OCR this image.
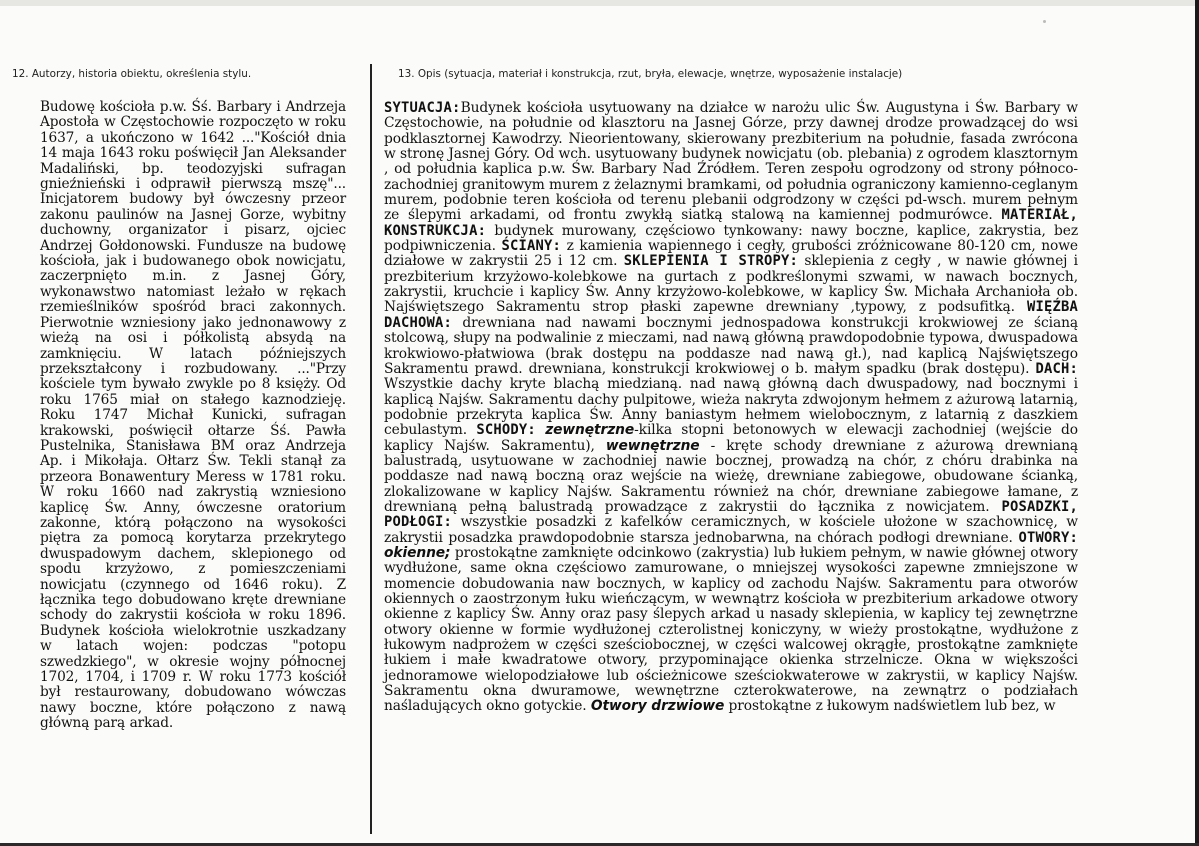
12. Autorzy, historia obiektu, określenia stylu.	13. Opis (sytuacja, materiał i konstrukcja, rzut, bryła, elewacje, wnętrze, wyposażenie instalacje)

Budowę kościoła p.w. Śś. Barbary i Andrzeja Apostoła w Częstochowie rozpoczęto w roku 1637, a ukończono w 1642 ..."Kościół dnia 14 maja 1643 roku poświęcił Jan Aleksander Madaliński, bp. teodozyjski sufragan gnieźnieński i odprawił pierwszą mszę"... Inicjatorem budowy był ówczesny przeor zakonu paulinów na Jasnej Gorze, wybitny duchowny, organizator i pisarz, ojciec Andrzej Gołdonowski. Fundusze na budowę kościoła, jak i budowanego obok nowicjatu, zaczerpnięto m.in. z Jasnej Góry, wykonawstwo natomiast leżało w rękach rzemieślników spośród braci zakonnych. Pierwotnie wzniesiony jako jednonawowy z wieżą na osi i półkolistą absydą na zamknięciu. W latach późniejszych przekształcony i rozbudowany. ..."Przy kościele tym bywało zwykle po 8 księży. Od roku 1765 miał on stałego kaznodzieję. Roku 1747 Michał Kunicki, sufragan krakowski, poświęcił ołtarze Śś. Pawła Pustelnika, Stanisława BM oraz Andrzeja Ap. i Mikołaja. Ołtarz Św. Tekli stanął za przeora Bonawentury Meress w 1781 roku. W roku 1660 nad zakrystią wzniesiono kaplicę Św. Anny, ówczesne oratorium zakonne, którą połączono na wysokości piętra za pomocą korytarza przekrytego dwuspadowym dachem, sklepionego od spodu krzyżowo, z pomieszczeniami nowicjatu (czynnego od 1646 roku). Z łącznika tego dobudowano kręte drewniane schody do zakrystii kościoła w roku 1896. Budynek kościoła wielokrotnie uszkadzany w latach wojen: podczas "potopu szwedzkiego", w okresie wojny północnej 1702, 1704, i 1709 r. W roku 1773 kościół był restaurowany, dobudowano wówczas nawy boczne, które połączono z nawą główną parą arkad.

SYTUACJA:Budynek kościoła usytuowany na działce w narożu ulic Św. Augustyna i Św. Barbary w Częstochowie, na południe od klasztoru na Jasnej Górze, przy dawnej drodze prowadzącej do wsi podklasztornej Kawodrzy. Nieorientowany, skierowany prezbiterium na południe, fasada zwrócona w stronę Jasnej Góry. Od wch. usytuowany budynek nowicjatu (ob. plebania) z ogrodem klasztornym , od południa kaplica p.w. Św. Barbary Nad Źródłem. Teren zespołu ogrodzony od strony północo-zachodniej granitowym murem z żelaznymi bramkami, od południa ograniczony kamienno-ceglanym murem, podobnie teren kościoła od terenu plebanii odgrodzony w części pd-wsch. murem pełnym ze ślepymi arkadami, od frontu zwykłą siatką stalową na kamiennej podmurówce. MATERIAŁ, KONSTRUKCJA: budynek murowany, częściowo tynkowany: nawy boczne, kaplice, zakrystia, bez podpiwniczenia. ŚCIANY: z kamienia wapiennego i cegły, grubości zróżnicowane 80-120 cm, nowe działowe w zakrystii 25 i 12 cm. SKLEPIENIA I STROPY: sklepienia z cegły , w nawie głównej i prezbiterium krzyżowo-kolebkowe na gurtach z podkreślonymi szwami, w nawach bocznych, zakrystii, kruchcie i kaplicy Św. Anny krzyżowo-kolebkowe, w kaplicy Św. Michała Archanioła ob. Najświętszego Sakramentu strop płaski zapewne drewniany ,typowy, z podsufitką. WIĘŹBA DACHOWA: drewniana nad nawami bocznymi jednospadowa konstrukcji krokwiowej ze ścianą stolcową, słupy na podwalinie z mieczami, nad nawą główną prawdopodobnie typowa, dwuspadowa krokwiowo-płatwiowa (brak dostępu na poddasze nad nawą gł.), nad kaplicą Najświętszego Sakramentu prawd. drewniana, konstrukcji krokwiowej o b. małym spadku (brak dostępu). DACH: Wszystkie dachy kryte blachą miedzianą. nad nawą główną dach dwuspadowy, nad bocznymi i kaplicą Najśw. Sakramentu dachy pulpitowe, wieża nakryta zdwojonym hełmem z ażurową latarnią, podobnie przekryta kaplica Św. Anny baniastym hełmem wielobocznym, z latarnią z daszkiem cebulastym. SCHODY: zewnętrzne-kilka stopni betonowych w elewacji zachodniej (wejście do kaplicy Najśw. Sakramentu), wewnętrzne - kręte schody drewniane z ażurową drewnianą balustradą, usytuowane w zachodniej nawie bocznej, prowadzą na chór, z chóru drabinka na poddasze nad nawą boczną oraz wejście na wieżę, drewniane zabiegowe, obudowane ścianką, zlokalizowane w kaplicy Najśw. Sakramentu również na chór, drewniane zabiegowe łamane, z drewnianą pełną balustradą prowadzące z zakrystii do łącznika z nowicjatem. POSADZKI, PODŁOGI: wszystkie posadzki z kafelków ceramicznych, w kościele ułożone w szachownicę, w zakrystii posadzka prawdopodobnie starsza jednobarwna, na chórach podłogi drewniane. OTWORY: okienne; prostokątne zamknięte odcinkowo (zakrystia) lub łukiem pełnym, w nawie głównej otwory wydłużone, same okna częściowo zamurowane, o mniejszej wysokości zapewne zmniejszone w momencie dobudowania naw bocznych, w kaplicy od zachodu Najśw. Sakramentu para otworów okiennych o zaostrzonym łuku wieńczącym, w wewnątrz kościoła w prezbiterium arkadowe otwory okienne z kaplicy Św. Anny oraz pasy ślepych arkad u nasady sklepienia, w kaplicy tej zewnętrzne otwory okienne w formie wydłużonej czterolistnej koniczyny, w wieży prostokątne, wydłużone z łukowym nadprożem w części sześciobocznej, w części walcowej okrągłe, prostokątne zamknięte łukiem i małe kwadratowe otwory, przypominające okienka strzelnicze. Okna w większości jednoramowe wielopodziałowe lub ościeżnicowe sześciokwaterowe w zakrystii, w kaplicy Najśw. Sakramentu okna dwuramowe, wewnętrzne czterokwaterowe, na zewnątrz o podziałach naśladujących okno gotyckie. Otwory drzwiowe prostokątne z łukowym nadświetlem lub bez, w
